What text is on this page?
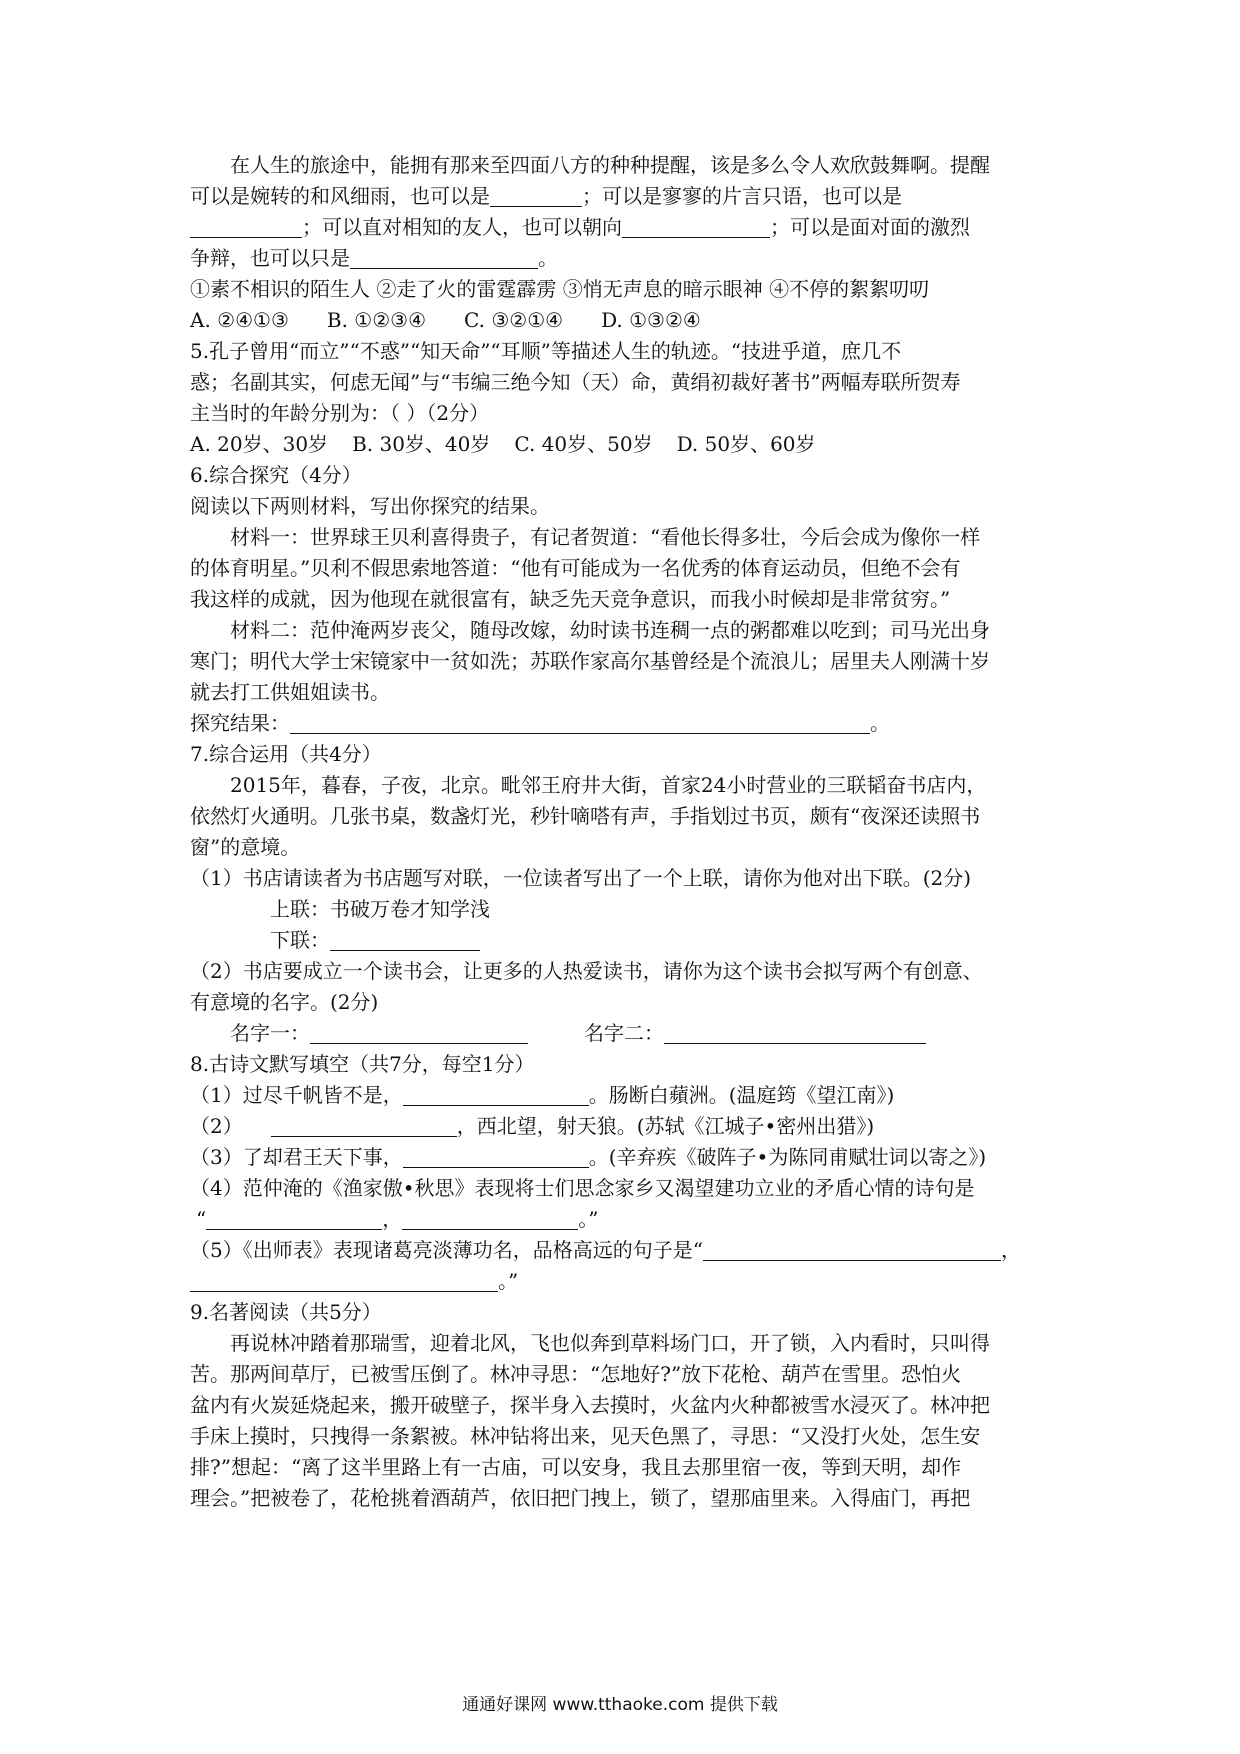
在人生的旅途中，能拥有那来至四面八方的种种提醒，该是多么令人欢欣鼓舞啊。提醒
可以是婉转的和风细雨，也可以是	；可以是寥寥的片言只语，也可以是
；可以直对相知的友人，也可以朝向	；可以是面对面的激烈
争辩，也可以只是	。
①素不相识的陌生人 ②走了火的雷霆霹雳 ③悄无声息的暗示眼神 ④不停的絮絮叨叨
A. ②④①③ B. ①②③④ C. ③②①④ D. ①③②④
5.孔子曾用“而立”“不惑”“知天命”“耳顺”等描述人生的轨迹。“技进乎道，庶几不
惑；名副其实，何虑无闻”与“韦编三绝今知（天）命，黄绢初裁好著书”两幅寿联所贺寿
主当时的年龄分别为：（ ）（2分）
A. 20岁、30岁 B. 30岁、40岁 C. 40岁、50岁 D. 50岁、60岁
6.综合探究（4分）
阅读以下两则材料，写出你探究的结果。
材料一：世界球王贝利喜得贵子，有记者贺道：“看他长得多壮，今后会成为像你一样
的体育明星。”贝利不假思索地答道：“他有可能成为一名优秀的体育运动员，但绝不会有
我这样的成就，因为他现在就很富有，缺乏先天竞争意识，而我小时候却是非常贫穷。”
材料二：范仲淹两岁丧父，随母改嫁，幼时读书连稠一点的粥都难以吃到；司马光出身
寒门；明代大学士宋镜家中一贫如洗；苏联作家高尔基曾经是个流浪儿；居里夫人刚满十岁
就去打工供姐姐读书。
探究结果：	。
7.综合运用（共4分）
2015年，暮春，子夜，北京。毗邻王府井大街，首家24小时营业的三联韬奋书店内，
依然灯火通明。几张书桌，数盏灯光，秒针嘀嗒有声，手指划过书页，颇有“夜深还读照书
窗”的意境。
（1）书店请读者为书店题写对联，一位读者写出了一个上联，请你为他对出下联。(2分)
上联：书破万卷才知学浅
下联：
（2）书店要成立一个读书会，让更多的人热爱读书，请你为这个读书会拟写两个有创意、
有意境的名字。(2分)
名字一：	名字二：
8.古诗文默写填空（共7分，每空1分）
（1）过尽千帆皆不是，	。肠断白蘋洲。(温庭筠《望江南》)
（2）	，西北望，射天狼。(苏轼《江城子•密州出猎》)
（3）了却君王天下事，	。(辛弃疾《破阵子•为陈同甫赋壮词以寄之》)
（4）范仲淹的《渔家傲•秋思》表现将士们思念家乡又渴望建功立业的矛盾心情的诗句是
“	，	。”
（5）《出师表》表现诸葛亮淡薄功名，品格高远的句子是“	，
。”
9.名著阅读（共5分）
再说林冲踏着那瑞雪，迎着北风，飞也似奔到草料场门口，开了锁，入内看时，只叫得
苦。那两间草厅，已被雪压倒了。林冲寻思：“怎地好?”放下花枪、葫芦在雪里。恐怕火
盆内有火炭延烧起来，搬开破壁子，探半身入去摸时，火盆内火种都被雪水浸灭了。林冲把
手床上摸时，只拽得一条絮被。林冲钻将出来，见天色黑了，寻思：“又没打火处，怎生安
排?”想起：“离了这半里路上有一古庙，可以安身，我且去那里宿一夜，等到天明，却作
理会。”把被卷了，花枪挑着酒葫芦，依旧把门拽上，锁了，望那庙里来。入得庙门，再把
通通好课网 www.tthaoke.com 提供下载
